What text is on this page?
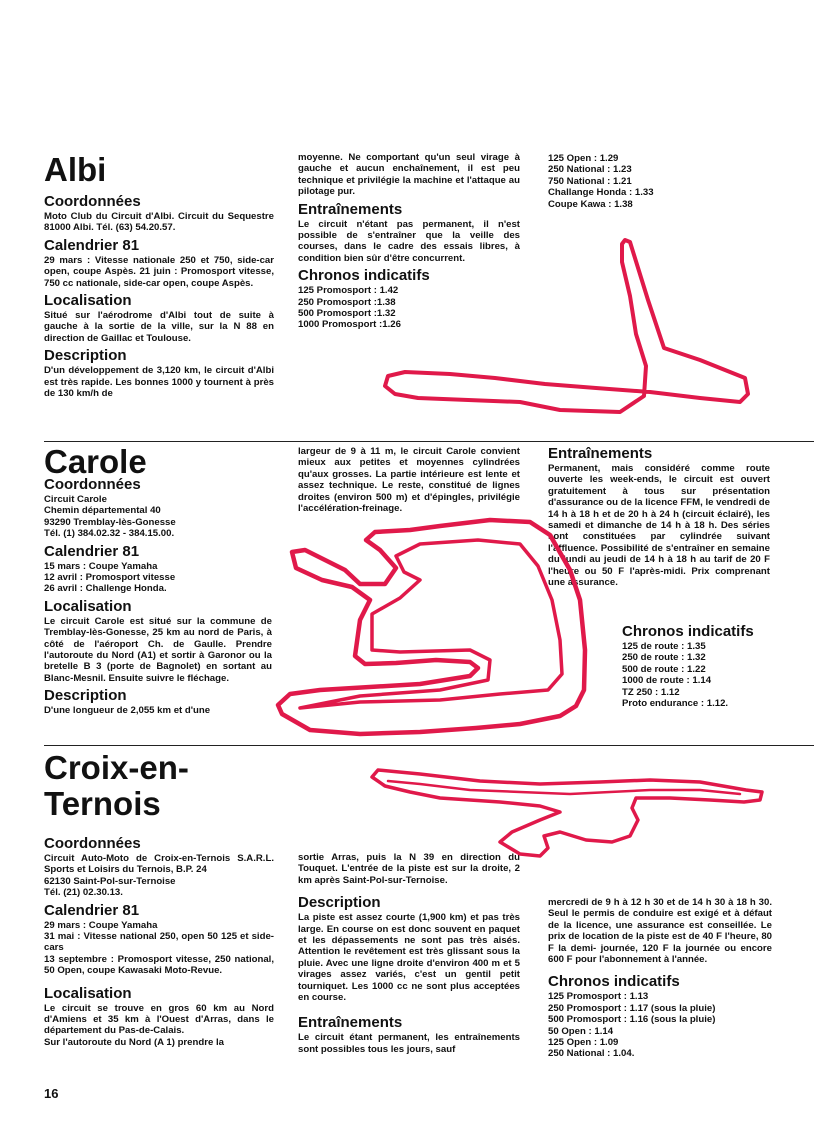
Albi
Coordonnées

Moto Club du Circuit d'Albi. Circuit du Sequestre 81000 Albi. Tél. (63) 54.20.57.

Calendrier 81

29 mars : Vitesse nationale 250 et 750, side-car open, coupe Aspès. 21 juin : Promosport vitesse, 750 cc nationale, side-car open, coupe Aspès.

Localisation

Situé sur l'aérodrome d'Albi tout de suite à gauche à la sortie de la ville, sur la N 88 en direction de Gaillac et Toulouse.

Description

D'un développement de 3,120 km, le circuit d'Albi est très rapide. Les bonnes 1000 y tournent à près de 130 km/h de

moyenne. Ne comportant qu'un seul virage à gauche et aucun enchaînement, il est peu technique et privilégie la machine et l'attaque au pilotage pur.

Entraînements

Le circuit n'étant pas permanent, il n'est possible de s'entraîner que la veille des courses, dans le cadre des essais libres, à condition bien sûr d'être concurrent.

Chronos indicatifs

125 Promosport : 1.42

250 Promosport :1.38

500 Promosport :1.32

1000 Promosport :1.26

125 Open : 1.29

250 National : 1.23

750 National : 1.21

Challange Honda : 1.33

Coupe Kawa : 1.38

Carole
Coordonnées

Circuit Carole

Chemin départemental 40

93290 Tremblay-lès-Gonesse

Tél. (1) 384.02.32 - 384.15.00.

Calendrier 81

15 mars : Coupe Yamaha

12 avril : Promosport vitesse

26 avril : Challenge Honda.

Localisation

Le circuit Carole est situé sur la commune de Tremblay-lès-Gonesse, 25 km au nord de Paris, à côté de l'aéroport Ch. de Gaulle. Prendre l'autoroute du Nord (A1) et sortir à Garonor ou la bretelle B 3 (porte de Bagnolet) en sortant au Blanc-Mesnil. Ensuite suivre le fléchage.

Description

D'une longueur de 2,055 km et d'une

largeur de 9 à 11 m, le circuit Carole convient mieux aux petites et moyennes cylindrées qu'aux grosses. La partie intérieure est lente et assez technique. Le reste, constitué de lignes droites (environ 500 m) et d'épingles, privilégie l'accélération-freinage.

Entraînements

Permanent, mais considéré comme route ouverte les week-ends, le circuit est ouvert gratuitement à tous sur présentation d'assurance ou de la licence FFM, le vendredi de 14 h à 18 h et de 20 h à 24 h (circuit éclairé), les samedi et dimanche de 14 h à 18 h. Des séries sont constituées par cylindrée suivant l'affluence. Possibilité de s'entraîner en semaine du lundi au jeudi de 14 h à 18 h au tarif de 20 F l'heure ou 50 F l'après-midi. Prix comprenant une assurance.

Chronos indicatifs

125 de route : 1.35

250 de route : 1.32

500 de route : 1.22

1000 de route : 1.14

TZ 250 : 1.12

Proto endurance : 1.12.

Croix-en-
Ternois
Coordonnées

Circuit Auto-Moto de Croix-en-Ternois S.A.R.L. Sports et Loisirs du Ternois, B.P. 24

62130 Saint-Pol-sur-Ternoise

Tél. (21) 02.30.13.

Calendrier 81

29 mars : Coupe Yamaha

31 mai : Vitesse national 250, open 50 125 et side-cars

13 septembre : Promosport vitesse, 250 national, 50 Open, coupe Kawasaki Moto-Revue.

Localisation

Le circuit se trouve en gros 60 km au Nord d'Amiens et 35 km à l'Ouest d'Arras, dans le département du Pas-de-Calais.

Sur l'autoroute du Nord (A 1) prendre la

sortie Arras, puis la N 39 en direction du Touquet. L'entrée de la piste est sur la droite, 2 km après Saint-Pol-sur-Ternoise.

Description

La piste est assez courte (1,900 km) et pas très large. En course on est donc souvent en paquet et les dépassements ne sont pas très aisés. Attention le revêtement est très glissant sous la pluie. Avec une ligne droite d'environ 400 m et 5 virages assez variés, c'est un gentil petit tourniquet. Les 1000 cc ne sont plus acceptées en course.

Entraînements

Le circuit étant permanent, les entraînements sont possibles tous les jours, sauf

mercredi de 9 h à 12 h 30 et de 14 h 30 à 18 h 30. Seul le permis de conduire est exigé et à défaut de la licence, une assurance est conseillée. Le prix de location de la piste est de 40 F l'heure, 80 F la demi- journée, 120 F la journée ou encore 600 F pour l'abonnement à l'année.

Chronos indicatifs

125 Promosport : 1.13

250 Promosport : 1.17 (sous la pluie)

500 Promosport : 1.16 (sous la pluie)

50 Open : 1.14

125 Open : 1.09

250 National : 1.04.

16
